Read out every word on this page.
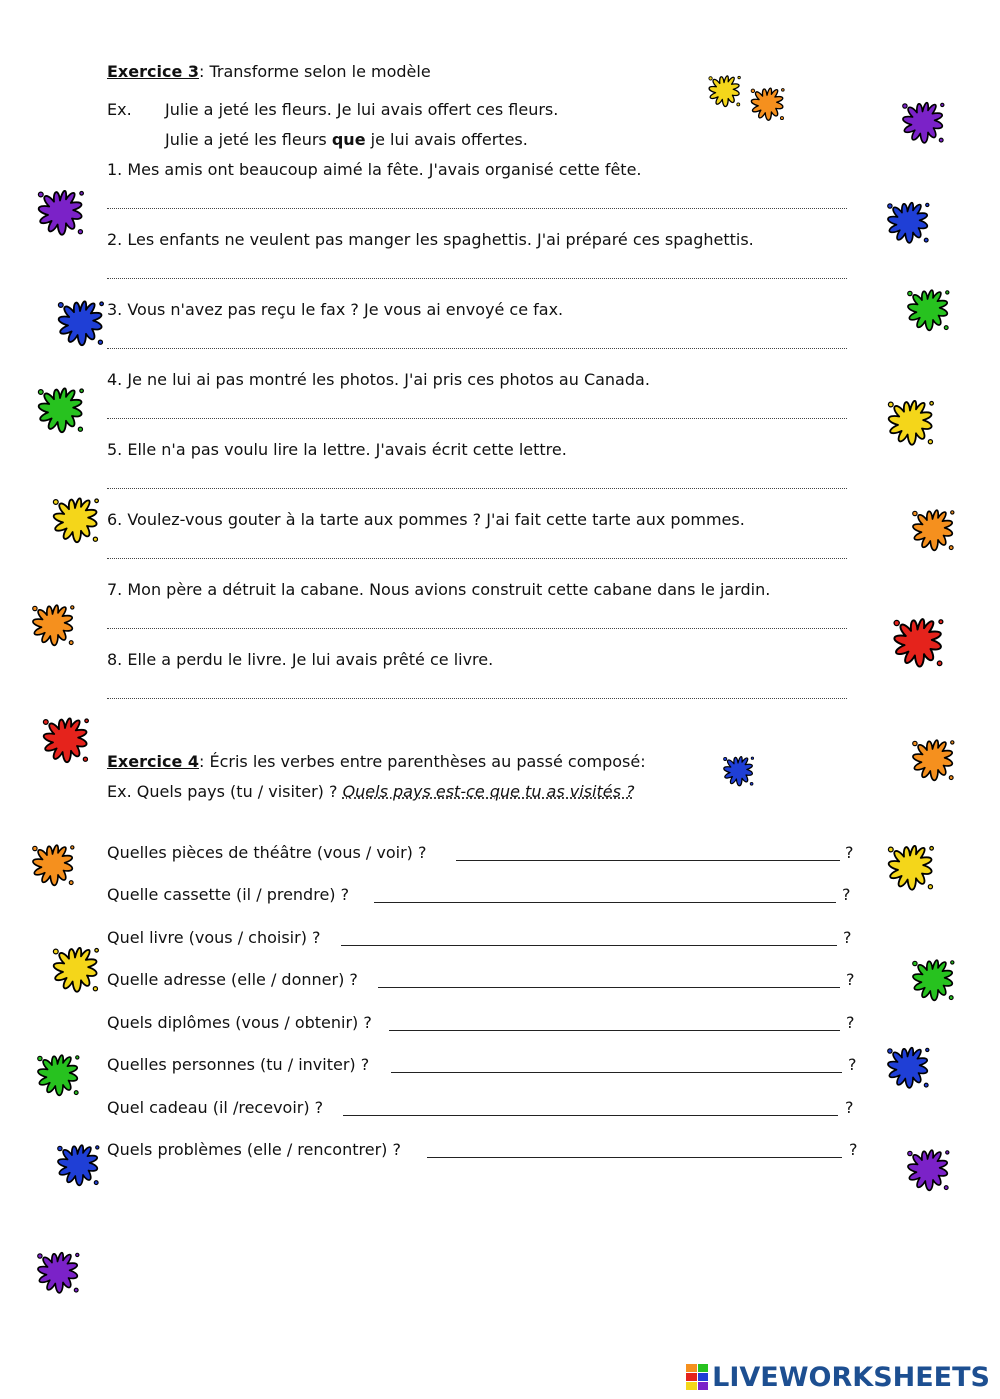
Exercice 3: Transforme selon le modèle
Ex. Julie a jeté les fleurs. Je lui avais offert ces fleurs.
Julie a jeté les fleurs que je lui avais offertes.
1. Mes amis ont beaucoup aimé la fête. J'avais organisé cette fête.
2. Les enfants ne veulent pas manger les spaghettis. J'ai préparé ces spaghettis.
3. Vous n'avez pas reçu le fax ? Je vous ai envoyé ce fax.
4. Je ne lui ai pas montré les photos. J'ai pris ces photos au Canada.
5. Elle n'a pas voulu lire la lettre. J'avais écrit cette lettre.
6. Voulez-vous gouter à la tarte aux pommes ? J'ai fait cette tarte aux pommes.
7. Mon père a détruit la cabane. Nous avions construit cette cabane dans le jardin.
8. Elle a perdu le livre. Je lui avais prêté ce livre.
Exercice 4: Écris les verbes entre parenthèses au passé composé:
Ex. Quels pays (tu / visiter) ? Quels pays est-ce que tu as visités ?
Quelles pièces de théâtre (vous / voir) ?	?
Quelle cassette (il / prendre) ?	?
Quel livre (vous / choisir) ?	?
Quelle adresse (elle / donner) ?	?
Quels diplômes (vous / obtenir) ?	?
Quelles personnes (tu / inviter) ?	?
Quel cadeau (il /recevoir) ?	?
Quels problèmes (elle / rencontrer) ?	?
LIVEWORKSHEETS
